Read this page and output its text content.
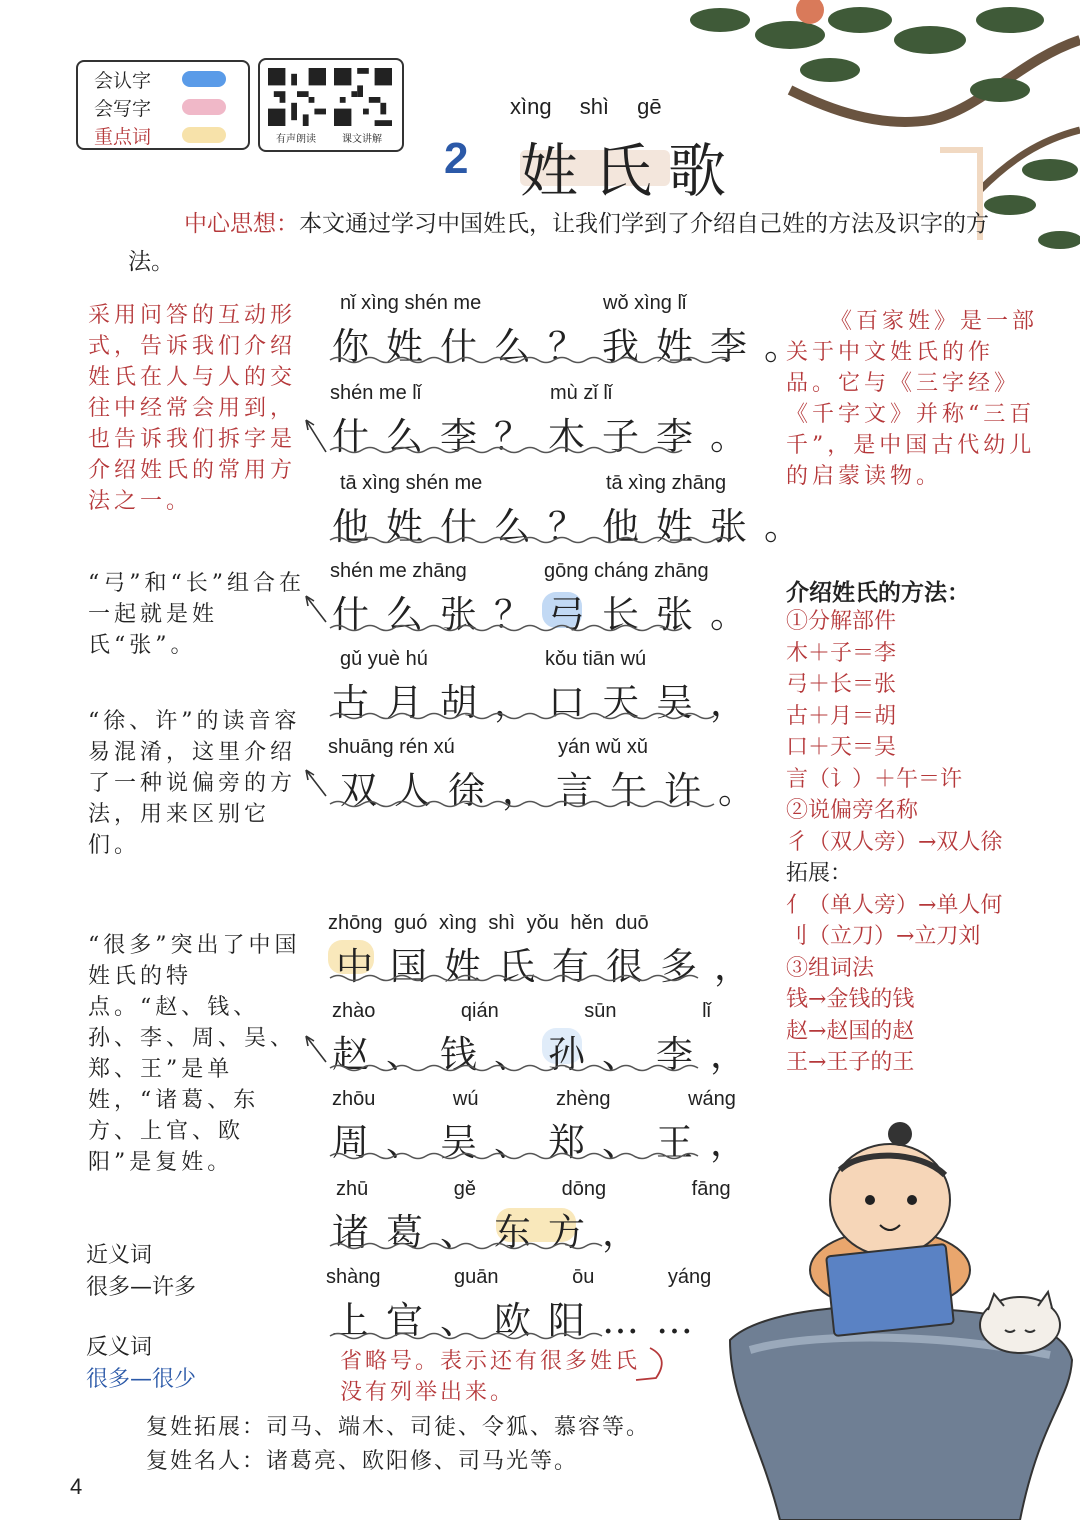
会认字
会写字
重点词	有声朗读	课文讲解
xìng shì gē
2 姓氏歌
中心思想：本文通过学习中国姓氏，让我们学到了介绍自己姓的方法及识字的方法。
nǐ xìng shén me	wǒ xìng lǐ
你姓什么？我姓李。
shén me lǐ	mù zǐ lǐ
什么李？木子李。
tā xìng shén me	tā xìng zhāng
他姓什么？他姓张。
shén me zhāng	gōng cháng zhāng
什么张？弓长张。
gǔ yuè hú	kǒu tiān wú
古月胡，口天吴，
shuāng rén xú	yán wǔ xǔ
双人徐，言午许。
zhōng guó xìng shì yǒu hěn duō
中国姓氏有很多，
zhào qián sūn lǐ
赵、钱、孙、李，
zhōu wú zhèng wáng
周、吴、郑、王，
zhū gě dōng fāng
诸葛、东方，
shàng guān ōu yáng
上官、欧阳……
采用问答的互动形式，告诉我们介绍姓氏在人与人的交往中经常会用到，也告诉我们拆字是介绍姓氏的常用方法之一。
“弓”和“长”组合在一起就是姓氏“张”。
“徐、许”的读音容易混淆，这里介绍了一种说偏旁的方法，用来区别它们。
“很多”突出了中国姓氏的特点。“赵、钱、孙、李、周、吴、郑、王”是单姓，“诸葛、东方、上官、欧阳”是复姓。
近义词
很多—许多
反义词
很多—很少
《百家姓》是一部关于中文姓氏的作品。它与《三字经》《千字文》并称“三百千”，是中国古代幼儿的启蒙读物。
介绍姓氏的方法：
①分解部件
木＋子＝李
弓＋长＝张
古＋月＝胡
口＋天＝吴
言（讠）＋午＝许
②说偏旁名称
彳（双人旁）→双人徐
拓展：
亻（单人旁）→单人何
刂（立刀）→立刀刘
③组词法
钱→金钱的钱
赵→赵国的赵
王→王子的王
省略号。表示还有很多姓氏没有列举出来。
复姓拓展：司马、端木、司徒、令狐、慕容等。
复姓名人：诸葛亮、欧阳修、司马光等。
4
